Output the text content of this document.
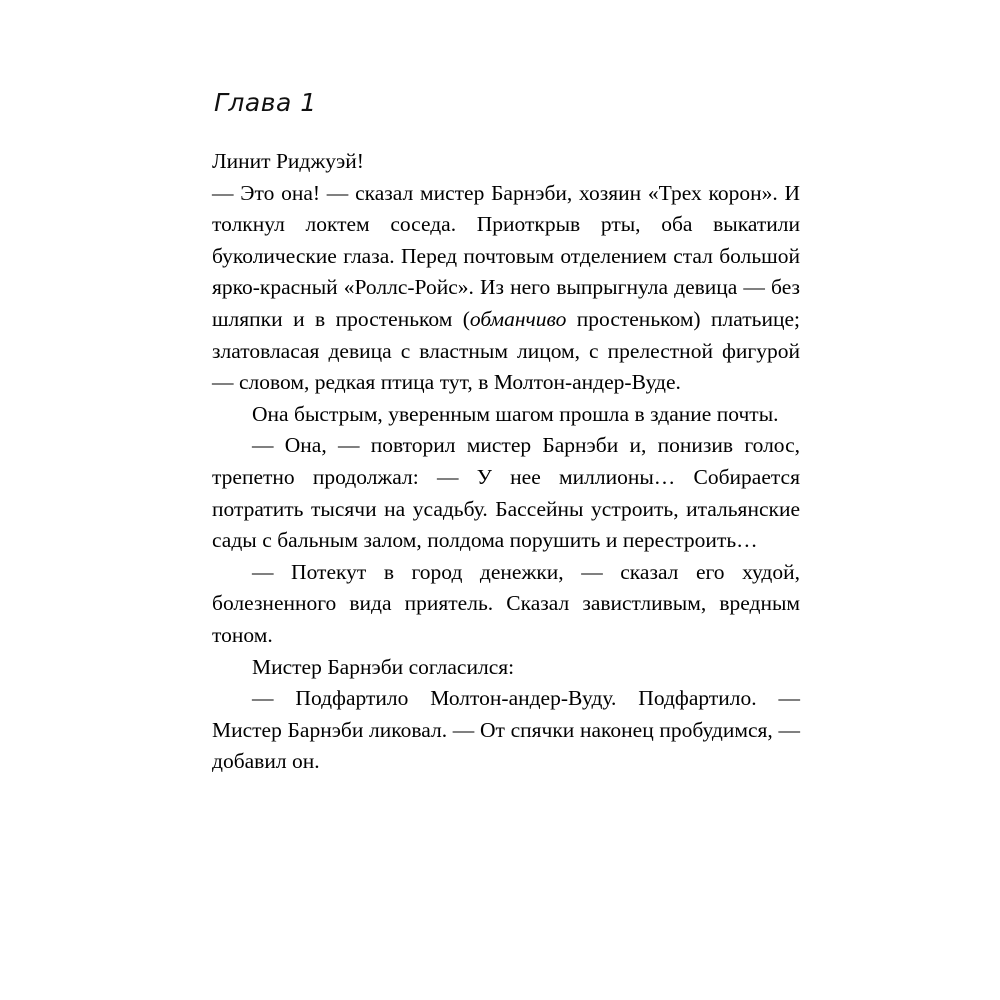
Глава 1

Линит Риджуэй!

— Это она! — сказал мистер Барнэби, хозяин «Трех корон». И толкнул локтем соседа. Приоткрыв рты, оба выкатили буколические глаза. Перед почтовым отделением стал большой ярко-красный «Роллс-Ройс». Из него выпрыгнула девица — без шляпки и в простеньком (обманчиво простеньком) платьице; златовласая девица с властным лицом, с прелестной фигурой — словом, редкая птица тут, в Молтон-андер-Вуде.

Она быстрым, уверенным шагом прошла в здание почты.

— Она, — повторил мистер Барнэби и, понизив голос, трепетно продолжал: — У нее миллионы… Собирается потратить тысячи на усадьбу. Бассейны устроить, итальянские сады с бальным залом, полдома порушить и перестроить…

— Потекут в город денежки, — сказал его худой, болезненного вида приятель. Сказал завистливым, вредным тоном.

Мистер Барнэби согласился:

— Подфартило Молтон-андер-Вуду. Подфартило. — Мистер Барнэби ликовал. — От спячки наконец пробудимся, — добавил он.
